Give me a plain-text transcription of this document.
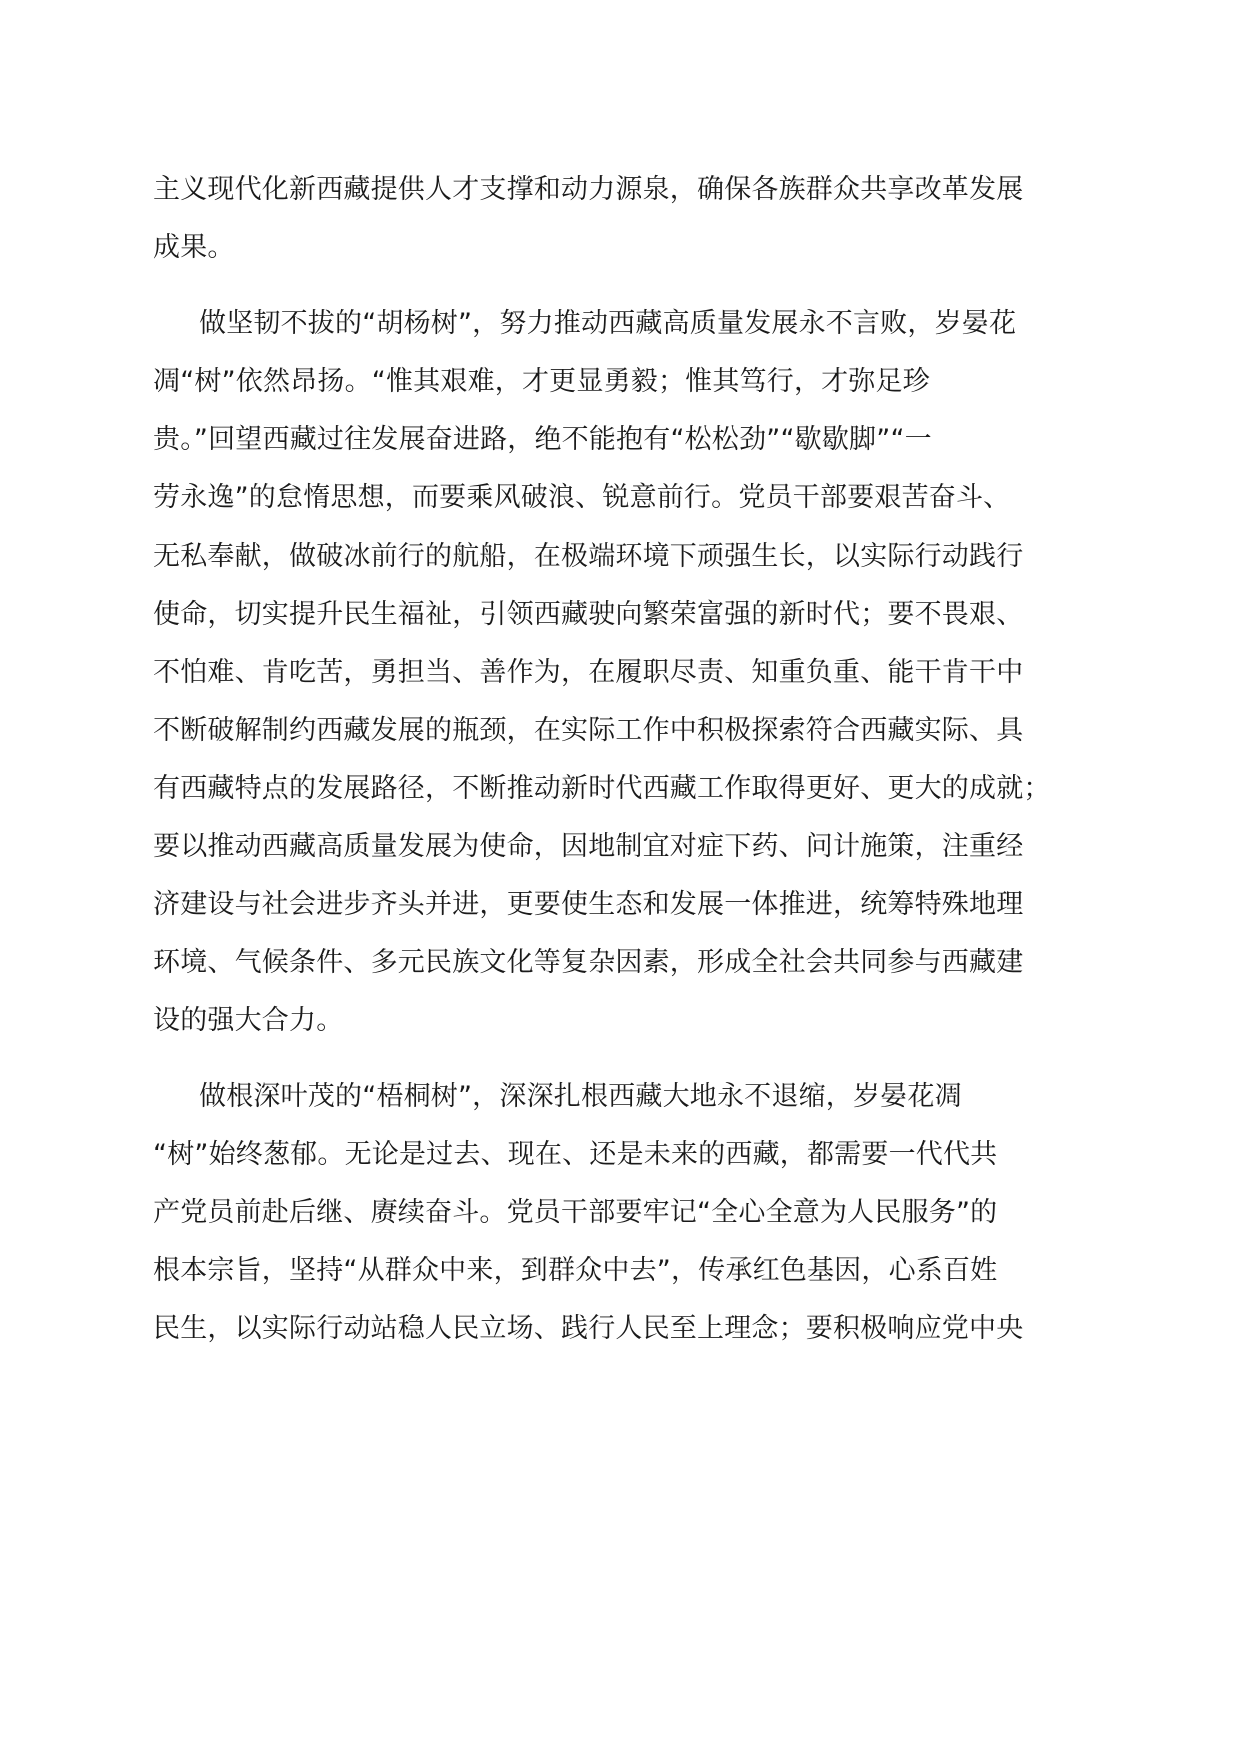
主义现代化新西藏提供人才支撑和动力源泉，确保各族群众共享改革发展
成果。
做坚韧不拔的“胡杨树”，努力推动西藏高质量发展永不言败，岁晏花
凋“树”依然昂扬。“惟其艰难，才更显勇毅；惟其笃行，才弥足珍
贵。”回望西藏过往发展奋进路，绝不能抱有“松松劲”“歇歇脚”“一
劳永逸”的怠惰思想，而要乘风破浪、锐意前行。党员干部要艰苦奋斗、
无私奉献，做破冰前行的航船，在极端环境下顽强生长，以实际行动践行
使命，切实提升民生福祉，引领西藏驶向繁荣富强的新时代；要不畏艰、
不怕难、肯吃苦，勇担当、善作为，在履职尽责、知重负重、能干肯干中
不断破解制约西藏发展的瓶颈，在实际工作中积极探索符合西藏实际、具
有西藏特点的发展路径，不断推动新时代西藏工作取得更好、更大的成就；
要以推动西藏高质量发展为使命，因地制宜对症下药、问计施策，注重经
济建设与社会进步齐头并进，更要使生态和发展一体推进，统筹特殊地理
环境、气候条件、多元民族文化等复杂因素，形成全社会共同参与西藏建
设的强大合力。
做根深叶茂的“梧桐树”，深深扎根西藏大地永不退缩，岁晏花凋
“树”始终葱郁。无论是过去、现在、还是未来的西藏，都需要一代代共
产党员前赴后继、赓续奋斗。党员干部要牢记“全心全意为人民服务”的
根本宗旨，坚持“从群众中来，到群众中去”，传承红色基因，心系百姓
民生，以实际行动站稳人民立场、践行人民至上理念；要积极响应党中央
